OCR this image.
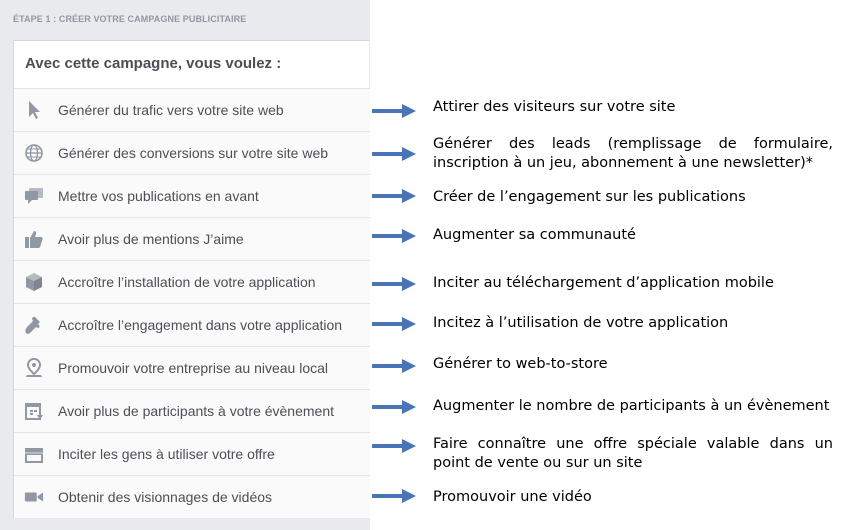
ÉTAPE 1 : CRÉER VOTRE CAMPAGNE PUBLICITAIRE
Avec cette campagne, vous voulez :
Générer du trafic vers votre site web
Générer des conversions sur votre site web
Mettre vos publications en avant
Avoir plus de mentions J’aime
Accroître l’installation de votre application
Accroître l’engagement dans votre application
Promouvoir votre entreprise au niveau local
Avoir plus de participants à votre évènement
Inciter les gens à utiliser votre offre
Obtenir des visionnages de vidéos
Attirer des visiteurs sur votre site
Générer des leads (remplissage de formulaire, inscription à un jeu, abonnement à une newsletter)*
Créer de l’engagement sur les publications
Augmenter sa communauté
Inciter au téléchargement d’application mobile
Incitez à l’utilisation de votre application
Générer to web-to-store
Augmenter le nombre de participants à un évènement
Faire connaître une offre spéciale valable dans un point de vente ou sur un site
Promouvoir une vidéo
